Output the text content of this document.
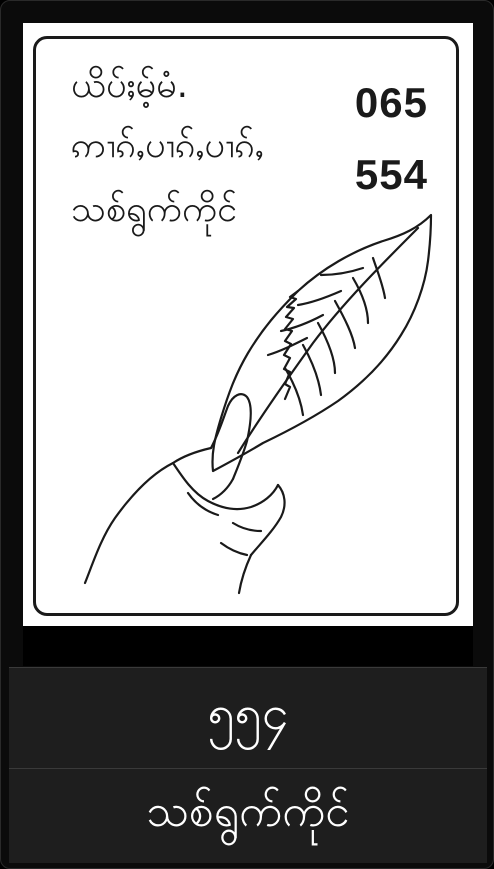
ယိပ်ႈမ့်မံ.
ဢၢၵ်ႇပၢၵ်ႇပၢၵ်ႇ
သစ်ရွက်ကိုင်
065
554
၅၅၄
သစ်ရွက်ကိုင်
